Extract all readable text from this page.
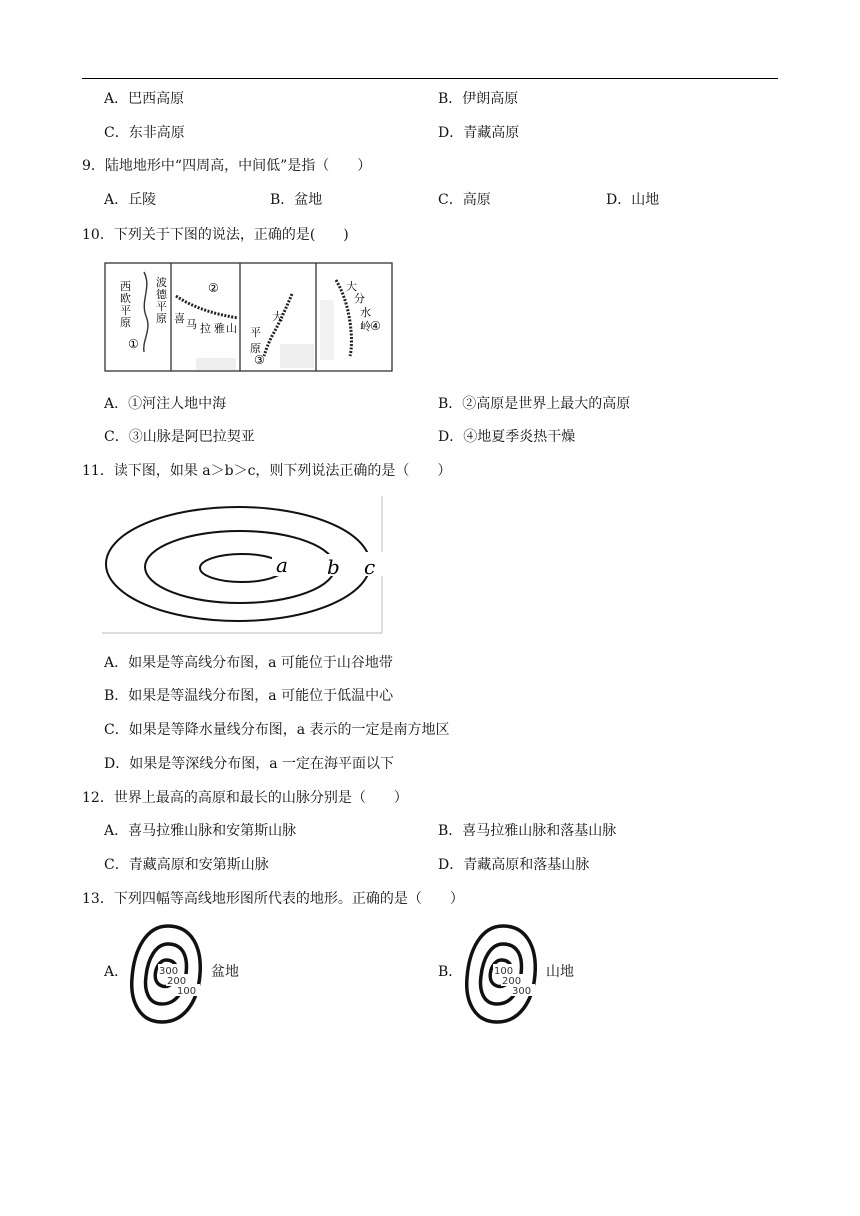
A．巴西高原	B．伊朗高原
C．东非高原	D．青藏高原
9．陆地地形中“四周高，中间低”是指（　　）
A．丘陵	B．盆地	C．高原	D．山地
10．下列关于下图的说法，正确的是(　　)
西欧平原
波德平原
①
②
喜马 拉 雅山
大平原
③
大分水岭 ④
A．①河注人地中海	B．②高原是世界上最大的高原
C．③山脉是阿巴拉契亚	D．④地夏季炎热干燥
11．读下图，如果 a＞b＞c，则下列说法正确的是（　　）
a b c
A．如果是等高线分布图，a 可能位于山谷地带
B．如果是等温线分布图，a 可能位于低温中心
C．如果是等降水量线分布图，a 表示的一定是南方地区
D．如果是等深线分布图，a 一定在海平面以下
12．世界上最高的高原和最长的山脉分别是（　　）
A．喜马拉雅山脉和安第斯山脉	B．喜马拉雅山脉和落基山脉
C．青藏高原和安第斯山脉	D．青藏高原和落基山脉
13．下列四幅等高线地形图所代表的地形。正确的是（　　）
A．	300
200
100
盆地	B．	100
200
300
山地
